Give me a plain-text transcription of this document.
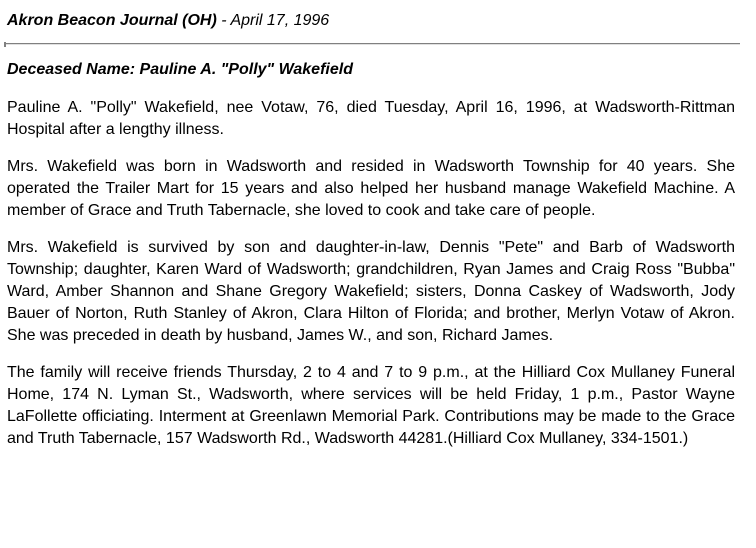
Akron Beacon Journal (OH) - April 17, 1996
Deceased Name: Pauline A. "Polly" Wakefield

Pauline A. "Polly" Wakefield, nee Votaw, 76, died Tuesday, April 16, 1996, at Wadsworth-Rittman Hospital after a lengthy illness.

Mrs. Wakefield was born in Wadsworth and resided in Wadsworth Township for 40 years. She operated the Trailer Mart for 15 years and also helped her husband manage Wakefield Machine. A member of Grace and Truth Tabernacle, she loved to cook and take care of people.

Mrs. Wakefield is survived by son and daughter-in-law, Dennis "Pete" and Barb of Wadsworth Township; daughter, Karen Ward of Wadsworth; grandchildren, Ryan James and Craig Ross "Bubba" Ward, Amber Shannon and Shane Gregory Wakefield; sisters, Donna Caskey of Wadsworth, Jody Bauer of Norton, Ruth Stanley of Akron, Clara Hilton of Florida; and brother, Merlyn Votaw of Akron. She was preceded in death by husband, James W., and son, Richard James.

The family will receive friends Thursday, 2 to 4 and 7 to 9 p.m., at the Hilliard Cox Mullaney Funeral Home, 174 N. Lyman St., Wadsworth, where services will be held Friday, 1 p.m., Pastor Wayne LaFollette officiating. Interment at Greenlawn Memorial Park. Contributions may be made to the Grace and Truth Tabernacle, 157 Wadsworth Rd., Wadsworth 44281.(Hilliard Cox Mullaney, 334-1501.)
